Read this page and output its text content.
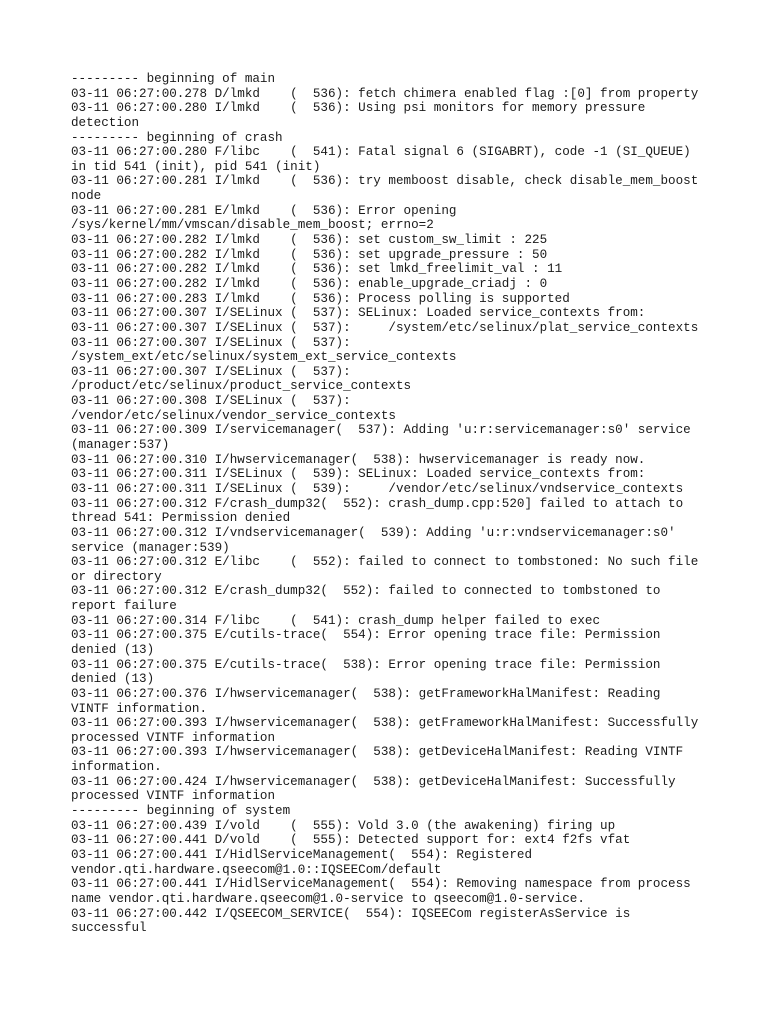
--------- beginning of main
03-11 06:27:00.278 D/lmkd    (  536): fetch chimera enabled flag :[0] from property
03-11 06:27:00.280 I/lmkd    (  536): Using psi monitors for memory pressure
detection
--------- beginning of crash
03-11 06:27:00.280 F/libc    (  541): Fatal signal 6 (SIGABRT), code -1 (SI_QUEUE)
in tid 541 (init), pid 541 (init)
03-11 06:27:00.281 I/lmkd    (  536): try memboost disable, check disable_mem_boost
node
03-11 06:27:00.281 E/lmkd    (  536): Error opening
/sys/kernel/mm/vmscan/disable_mem_boost; errno=2
03-11 06:27:00.282 I/lmkd    (  536): set custom_sw_limit : 225
03-11 06:27:00.282 I/lmkd    (  536): set upgrade_pressure : 50
03-11 06:27:00.282 I/lmkd    (  536): set lmkd_freelimit_val : 11
03-11 06:27:00.282 I/lmkd    (  536): enable_upgrade_criadj : 0
03-11 06:27:00.283 I/lmkd    (  536): Process polling is supported
03-11 06:27:00.307 I/SELinux (  537): SELinux: Loaded service_contexts from:
03-11 06:27:00.307 I/SELinux (  537):     /system/etc/selinux/plat_service_contexts
03-11 06:27:00.307 I/SELinux (  537):
/system_ext/etc/selinux/system_ext_service_contexts
03-11 06:27:00.307 I/SELinux (  537):
/product/etc/selinux/product_service_contexts
03-11 06:27:00.308 I/SELinux (  537):
/vendor/etc/selinux/vendor_service_contexts
03-11 06:27:00.309 I/servicemanager(  537): Adding 'u:r:servicemanager:s0' service
(manager:537)
03-11 06:27:00.310 I/hwservicemanager(  538): hwservicemanager is ready now.
03-11 06:27:00.311 I/SELinux (  539): SELinux: Loaded service_contexts from:
03-11 06:27:00.311 I/SELinux (  539):     /vendor/etc/selinux/vndservice_contexts
03-11 06:27:00.312 F/crash_dump32(  552): crash_dump.cpp:520] failed to attach to
thread 541: Permission denied
03-11 06:27:00.312 I/vndservicemanager(  539): Adding 'u:r:vndservicemanager:s0'
service (manager:539)
03-11 06:27:00.312 E/libc    (  552): failed to connect to tombstoned: No such file
or directory
03-11 06:27:00.312 E/crash_dump32(  552): failed to connected to tombstoned to
report failure
03-11 06:27:00.314 F/libc    (  541): crash_dump helper failed to exec
03-11 06:27:00.375 E/cutils-trace(  554): Error opening trace file: Permission
denied (13)
03-11 06:27:00.375 E/cutils-trace(  538): Error opening trace file: Permission
denied (13)
03-11 06:27:00.376 I/hwservicemanager(  538): getFrameworkHalManifest: Reading
VINTF information.
03-11 06:27:00.393 I/hwservicemanager(  538): getFrameworkHalManifest: Successfully
processed VINTF information
03-11 06:27:00.393 I/hwservicemanager(  538): getDeviceHalManifest: Reading VINTF
information.
03-11 06:27:00.424 I/hwservicemanager(  538): getDeviceHalManifest: Successfully
processed VINTF information
--------- beginning of system
03-11 06:27:00.439 I/vold    (  555): Vold 3.0 (the awakening) firing up
03-11 06:27:00.441 D/vold    (  555): Detected support for: ext4 f2fs vfat
03-11 06:27:00.441 I/HidlServiceManagement(  554): Registered
vendor.qti.hardware.qseecom@1.0::IQSEECom/default
03-11 06:27:00.441 I/HidlServiceManagement(  554): Removing namespace from process
name vendor.qti.hardware.qseecom@1.0-service to qseecom@1.0-service.
03-11 06:27:00.442 I/QSEECOM_SERVICE(  554): IQSEECom registerAsService is
successful
